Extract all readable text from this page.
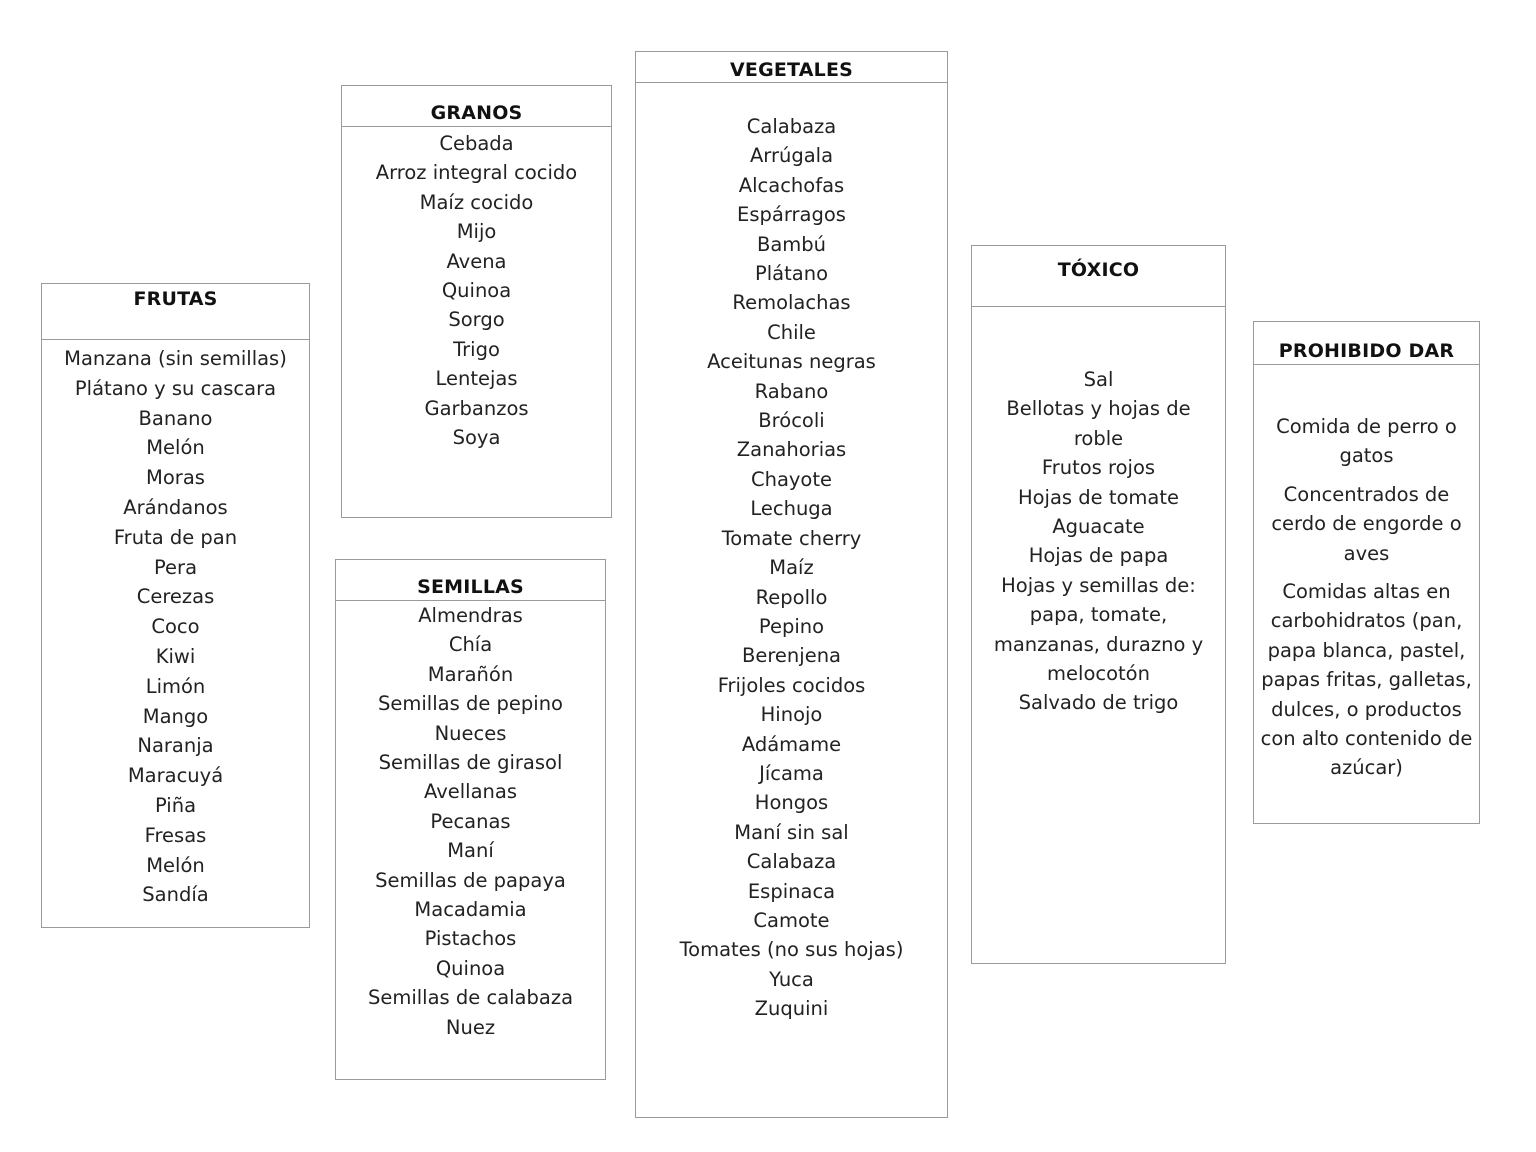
FRUTAS
Manzana (sin semillas)
Plátano y su cascara
Banano
Melón
Moras
Arándanos
Fruta de pan
Pera
Cerezas
Coco
Kiwi
Limón
Mango
Naranja
Maracuyá
Piña
Fresas
Melón
Sandía
GRANOS
Cebada
Arroz integral cocido
Maíz cocido
Mijo
Avena
Quinoa
Sorgo
Trigo
Lentejas
Garbanzos
Soya
SEMILLAS
Almendras
Chía
Marañón
Semillas de pepino
Nueces
Semillas de girasol
Avellanas
Pecanas
Maní
Semillas de papaya
Macadamia
Pistachos
Quinoa
Semillas de calabaza
Nuez
VEGETALES
Calabaza
Arrúgala
Alcachofas
Espárragos
Bambú
Plátano
Remolachas
Chile
Aceitunas negras
Rabano
Brócoli
Zanahorias
Chayote
Lechuga
Tomate cherry
Maíz
Repollo
Pepino
Berenjena
Frijoles cocidos
Hinojo
Adámame
Jícama
Hongos
Maní sin sal
Calabaza
Espinaca
Camote
Tomates (no sus hojas)
Yuca
Zuquini
TÓXICO
Sal
Bellotas y hojas de roble
Frutos rojos
Hojas de tomate
Aguacate
Hojas de papa
Hojas y semillas de: papa, tomate, manzanas, durazno y melocotón
Salvado de trigo
PROHIBIDO DAR
Comida de perro o gatos
Concentrados de cerdo de engorde o aves
Comidas altas en carbohidratos (pan, papa blanca, pastel, papas fritas, galletas, dulces, o productos con alto contenido de azúcar)
